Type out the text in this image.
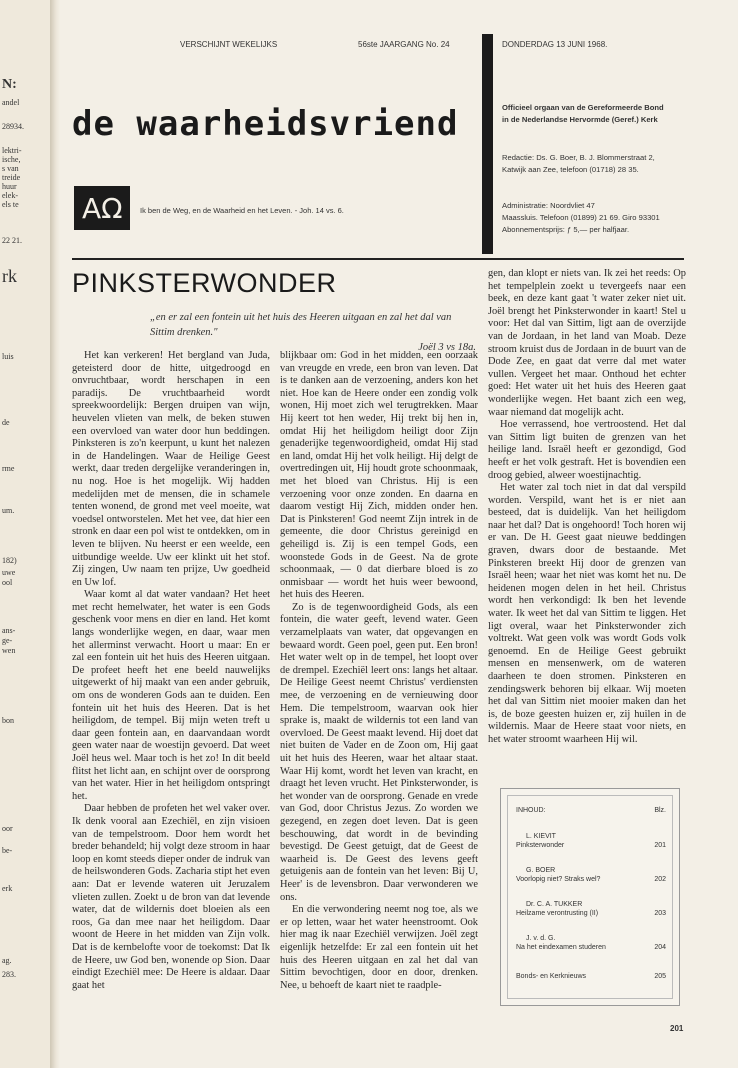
N:
andel
28934.
lektri-
ische,
s van
treide
huur
elek-
els te
22 21.
rk
luis
de
rme
um.
182)
uwe
ool
ans-
ge-
wen
bon
oor
be-
erk
ag.
283.
VERSCHIJNT WEKELIJKS	56ste JAARGANG No. 24	DONDERDAG 13 JUNI 1968.
de waarheidsvriend
ΑΩ Ik ben de Weg, en de Waarheid en het Leven. - Joh. 14 vs. 6.
Officieel orgaan van de Gereformeerde Bond
in de Nederlandse Hervormde (Geref.) Kerk
Redactie: Ds. G. Boer, B. J. Blommerstraat 2,
Katwijk aan Zee, telefoon (01718) 28 35.
Administratie: Noordvliet 47
Maassluis. Telefoon (01899) 21 69. Giro 93301
Abonnementsprijs: ƒ 5,— per halfjaar.
PINKSTERWONDER
„en er zal een fontein uit het huis des Heeren uitgaan en zal het dal van Sittim drenken."
Joël 3 vs 18a.

Het kan verkeren! Het bergland van Juda, geteisterd door de hitte, uitgedroogd en onvruchtbaar, wordt herschapen in een paradijs. De vruchtbaarheid wordt spreekwoordelijk: Bergen druipen van wijn, heuvelen vlieten van melk, de beken stuwen een overvloed van water door hun beddingen. Pinksteren is zo'n keerpunt, u kunt het nalezen in de Handelingen. Waar de Heilige Geest werkt, daar treden dergelijke veranderingen in, nu nog. Hoe is het mogelijk. Wij hadden medelijden met de mensen, die in schamele tenten wonend, de grond met veel moeite, wat voedsel ontworstelen. Met het vee, dat hier een stronk en daar een pol wist te ontdekken, om in leven te blijven. Nu heerst er een weelde, een uitbundige weelde. Uw eer klinkt uit het stof. Zij zingen, Uw naam ten prijze, Uw goedheid en Uw lof.

Waar komt al dat water vandaan? Het heet met recht hemelwater, het water is een Gods geschenk voor mens en dier en land. Het komt langs wonderlijke wegen, en daar, waar men het allerminst verwacht. Hoort u maar: En er zal een fontein uit het huis des Heeren uitgaan. De profeet heeft het ene beeld nauwelijks uitgewerkt of hij maakt van een ander gebruik, om ons de wonderen Gods aan te duiden. Een fontein uit het huis des Heeren. Dat is het heiligdom, de tempel. Bij mijn weten treft u daar geen fontein aan, en daarvandaan wordt geen water naar de woestijn gevoerd. Dat weet Joël heus wel. Maar toch is het zo! In dit beeld flitst het licht aan, en schijnt over de oorsprong van het water. Hier in het heiligdom ontspringt het.

Daar hebben de profeten het wel vaker over. Ik denk vooral aan Ezechiël, en zijn visioen van de tempelstroom. Door hem wordt het breder behandeld; hij volgt deze stroom in haar loop en komt steeds dieper onder de indruk van de heilswonderen Gods. Zacharia stipt het even aan: Dat er levende wateren uit Jeruzalem vlieten zullen. Zoekt u de bron van dat levende water, dat de wildernis doet bloeien als een roos, Ga dan mee naar het heiligdom. Daar woont de Heere in het midden van Zijn volk. Dat is de kernbelofte voor de toekomst: Dat Ik de Heere, uw God ben, wonende op Sion. Daar eindigt Ezechiël mee: De Heere is aldaar. Daar gaat het

blijkbaar om: God in het midden, een oorzaak van vreugde en vrede, een bron van leven. Dat is te danken aan de verzoening, anders kon het niet. Hoe kan de Heere onder een zondig volk wonen, Hij moet zich wel terugtrekken. Maar Hij keert tot hen weder, Hij trekt bij hen in, omdat Hij het heiligdom heiligt door Zijn genaderijke tegenwoordigheid, omdat Hij stad en land, omdat Hij het volk heiligt. Hij delgt de overtredingen uit, Hij houdt grote schoonmaak, met het bloed van Christus. Hij is een verzoening voor onze zonden. En daarna en daarom vestigt Hij Zich, midden onder hen. Dat is Pinksteren! God neemt Zijn intrek in de gemeente, die door Christus gereinigd en geheiligd is. Zij is een tempel Gods, een woonstede Gods in de Geest. Na de grote schoonmaak, — 0 dat dierbare bloed is zo onmisbaar — wordt het huis weer bewoond, het huis des Heeren.

Zo is de tegenwoordigheid Gods, als een fontein, die water geeft, levend water. Geen verzamelplaats van water, dat opgevangen en bewaard wordt. Geen poel, geen put. Een bron! Het water welt op in de tempel, het loopt over de drempel. Ezechiël leert ons: langs het altaar. De Heilige Geest neemt Christus' verdiensten mee, de verzoening en de vernieuwing door Hem. Die tempelstroom, waarvan ook hier sprake is, maakt de wildernis tot een land van overvloed. De Geest maakt levend. Hij doet dat niet buiten de Vader en de Zoon om, Hij gaat uit het huis des Heeren, waar het altaar staat. Waar Hij komt, wordt het leven van kracht, en draagt het leven vrucht. Het Pinksterwonder, is het wonder van de oorsprong. Genade en vrede van God, door Christus Jezus. Zo worden we gezegend, en zegen doet leven. Dat is geen beschouwing, dat wordt in de bevinding bevestigd. De Geest getuigt, dat de Geest de waarheid is. De Geest des levens geeft getuigenis aan de fontein van het leven: Bij U, Heer' is de levensbron. Daar verwonderen we ons.

En die verwondering neemt nog toe, als we er op letten, waar het water heenstroomt. Ook hier mag ik naar Ezechiël verwijzen. Joël zegt eigenlijk hetzelfde: Er zal een fontein uit het huis des Heeren uitgaan en zal het dal van Sittim bevochtigen, door en door, drenken. Nee, u behoeft de kaart niet te raadple-

gen, dan klopt er niets van. Ik zei het reeds: Op het tempelplein zoekt u tevergeefs naar een beek, en deze kant gaat 't water zeker niet uit. Joël brengt het Pinksterwonder in kaart! Stel u voor: Het dal van Sittim, ligt aan de overzijde van de Jordaan, in het land van Moab. Deze stroom kruist dus de Jordaan in de buurt van de Dode Zee, en gaat dat verre dal met water vullen. Vergeet het maar. Onthoud het echter goed: Het water uit het huis des Heeren gaat wonderlijke wegen. Het baant zich een weg, waar niemand dat mogelijk acht.

Hoe verrassend, hoe vertroostend. Het dal van Sittim ligt buiten de grenzen van het heilige land. Israël heeft er gezondigd, God heeft er het volk gestraft. Het is bovendien een droog gebied, alweer woestijnachtig.

Het water zal toch niet in dat dal verspild worden. Verspild, want het is er niet aan besteed, dat is duidelijk. Van het heiligdom naar het dal? Dat is ongehoord! Toch horen wij er van. De H. Geest gaat nieuwe beddingen graven, dwars door de bestaande. Met Pinksteren breekt Hij door de grenzen van Israël heen; waar het niet was komt het nu. De heidenen mogen delen in het heil. Christus wordt hen verkondigd: Ik ben het levende water. Ik weet het dal van Sittim te liggen. Het ligt overal, waar het Pinksterwonder zich voltrekt. Wat geen volk was wordt Gods volk genoemd. En de Heilige Geest gebruikt mensen en mensenwerk, om de wateren daarheen te doen stromen. Pinksteren en zendingswerk behoren bij elkaar. Wij moeten het dal van Sittim niet mooier maken dan het is, de boze geesten huizen er, zij huilen in de wildernis. Maar de Heere staat voor niets, en het water stroomt waarheen Hij wil.

INHOUD:	Blz.
L. KIEVIT
Pinksterwonder	201
G. BOER
Voorlopig niet? Straks wel?	202
Dr. C. A. TUKKER
Heilzame verontrusting (II)	203
J. v. d. G.
Na het eindexamen studeren	204
Bonds- en Kerknieuws	205
201
